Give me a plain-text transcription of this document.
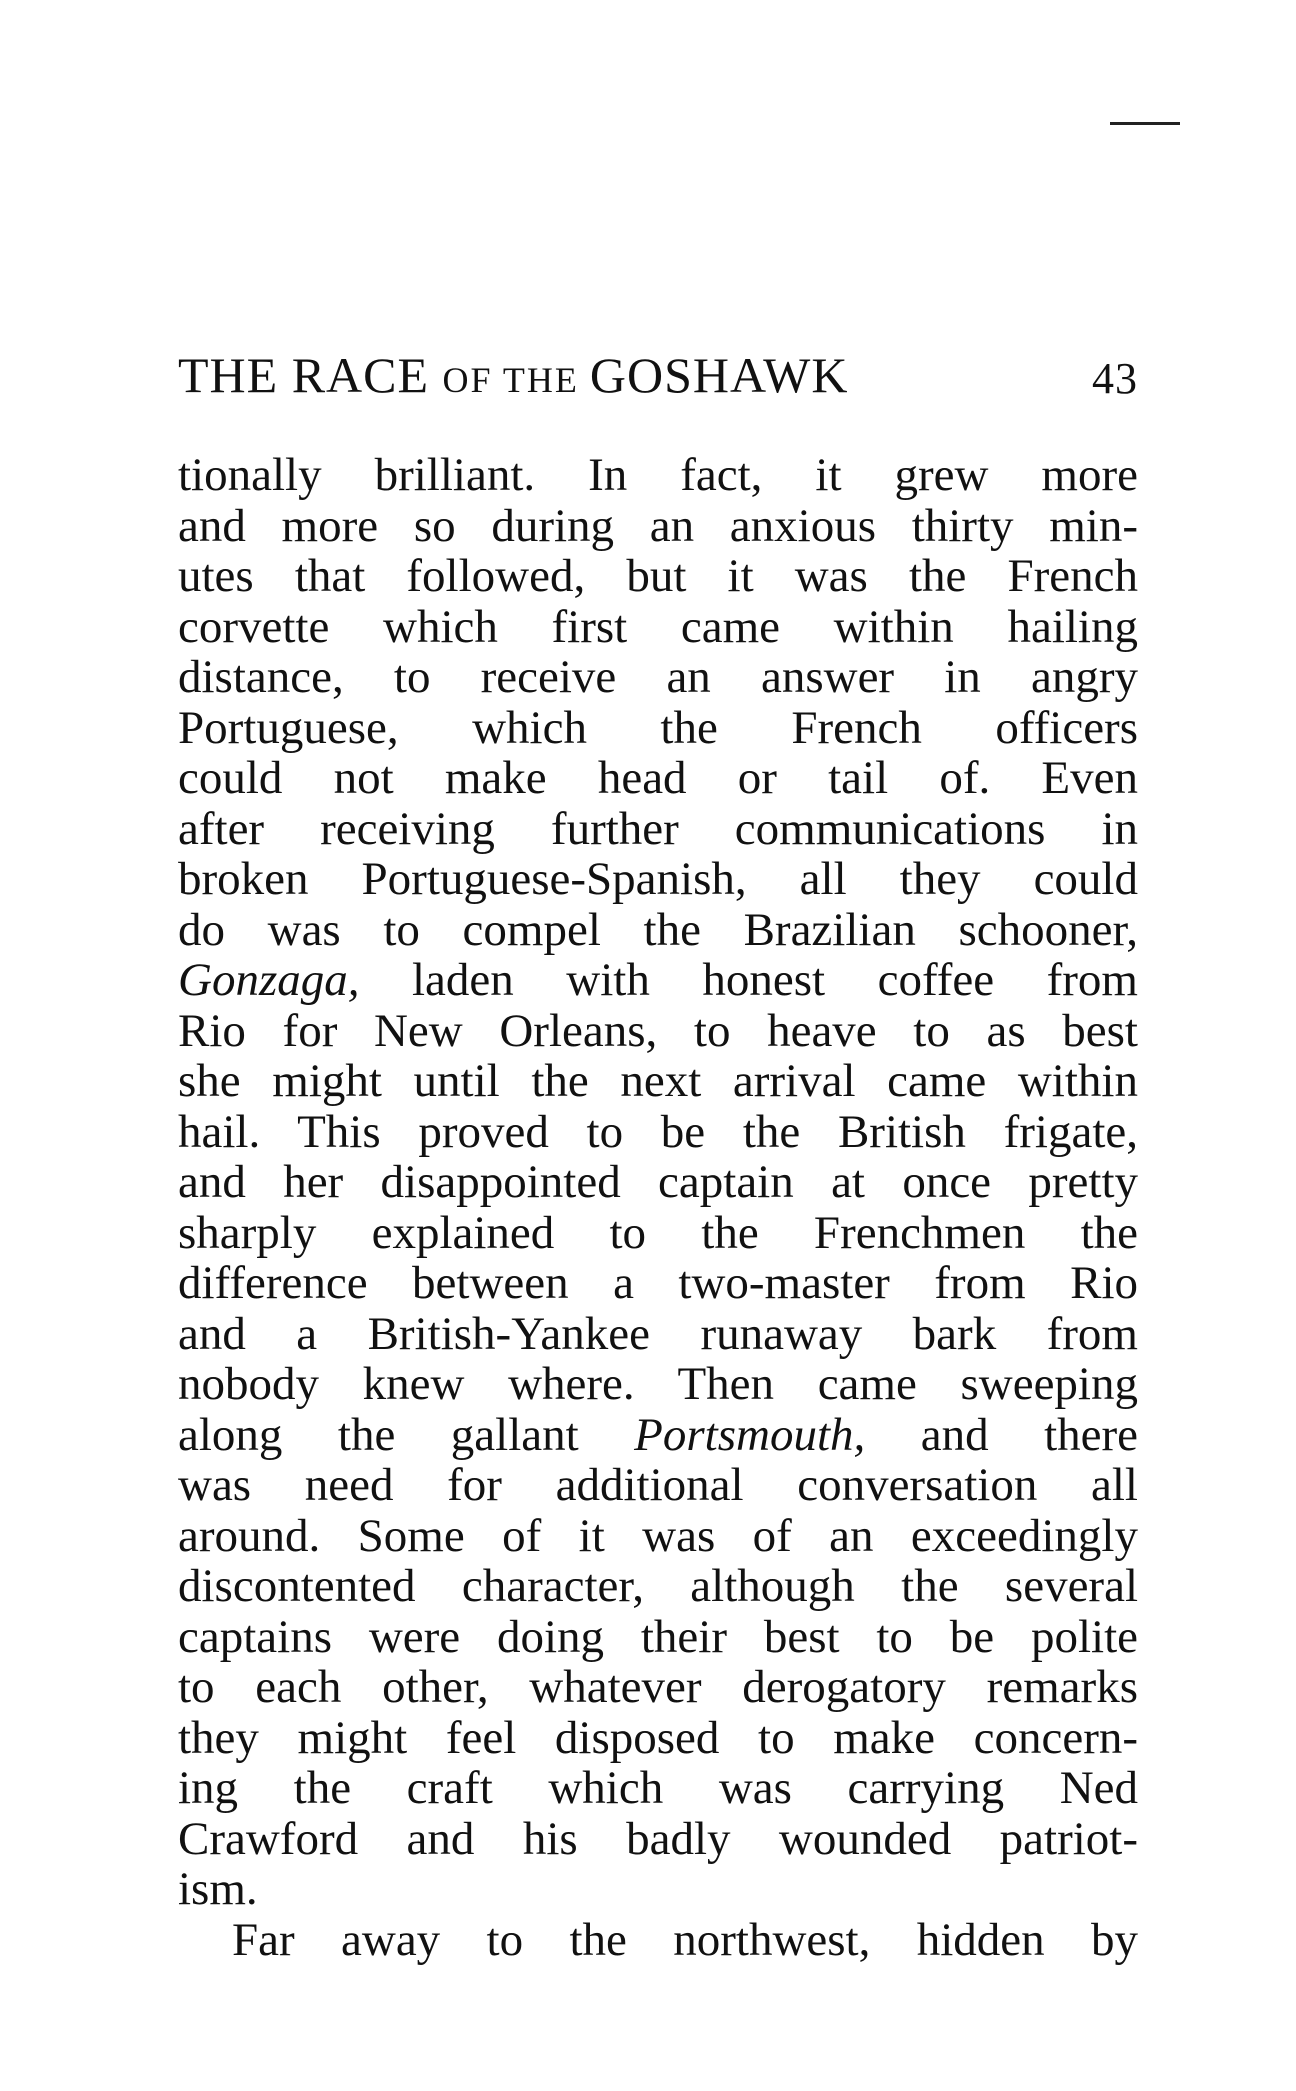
THE RACE OF THE GOSHAWK	43
tionally brilliant. In fact, it grew more
and more so during an anxious thirty min-
utes that followed, but it was the French
corvette which first came within hailing
distance, to receive an answer in angry
Portuguese, which the French officers
could not make head or tail of. Even
after receiving further communications in
broken Portuguese-Spanish, all they could
do was to compel the Brazilian schooner,
Gonzaga, laden with honest coffee from
Rio for New Orleans, to heave to as best
she might until the next arrival came within
hail. This proved to be the British frigate,
and her disappointed captain at once pretty
sharply explained to the Frenchmen the
difference between a two-master from Rio
and a British-Yankee runaway bark from
nobody knew where. Then came sweeping
along the gallant Portsmouth, and there
was need for additional conversation all
around. Some of it was of an exceedingly
discontented character, although the several
captains were doing their best to be polite
to each other, whatever derogatory remarks
they might feel disposed to make concern-
ing the craft which was carrying Ned
Crawford and his badly wounded patriot-
ism.
Far away to the northwest, hidden by
